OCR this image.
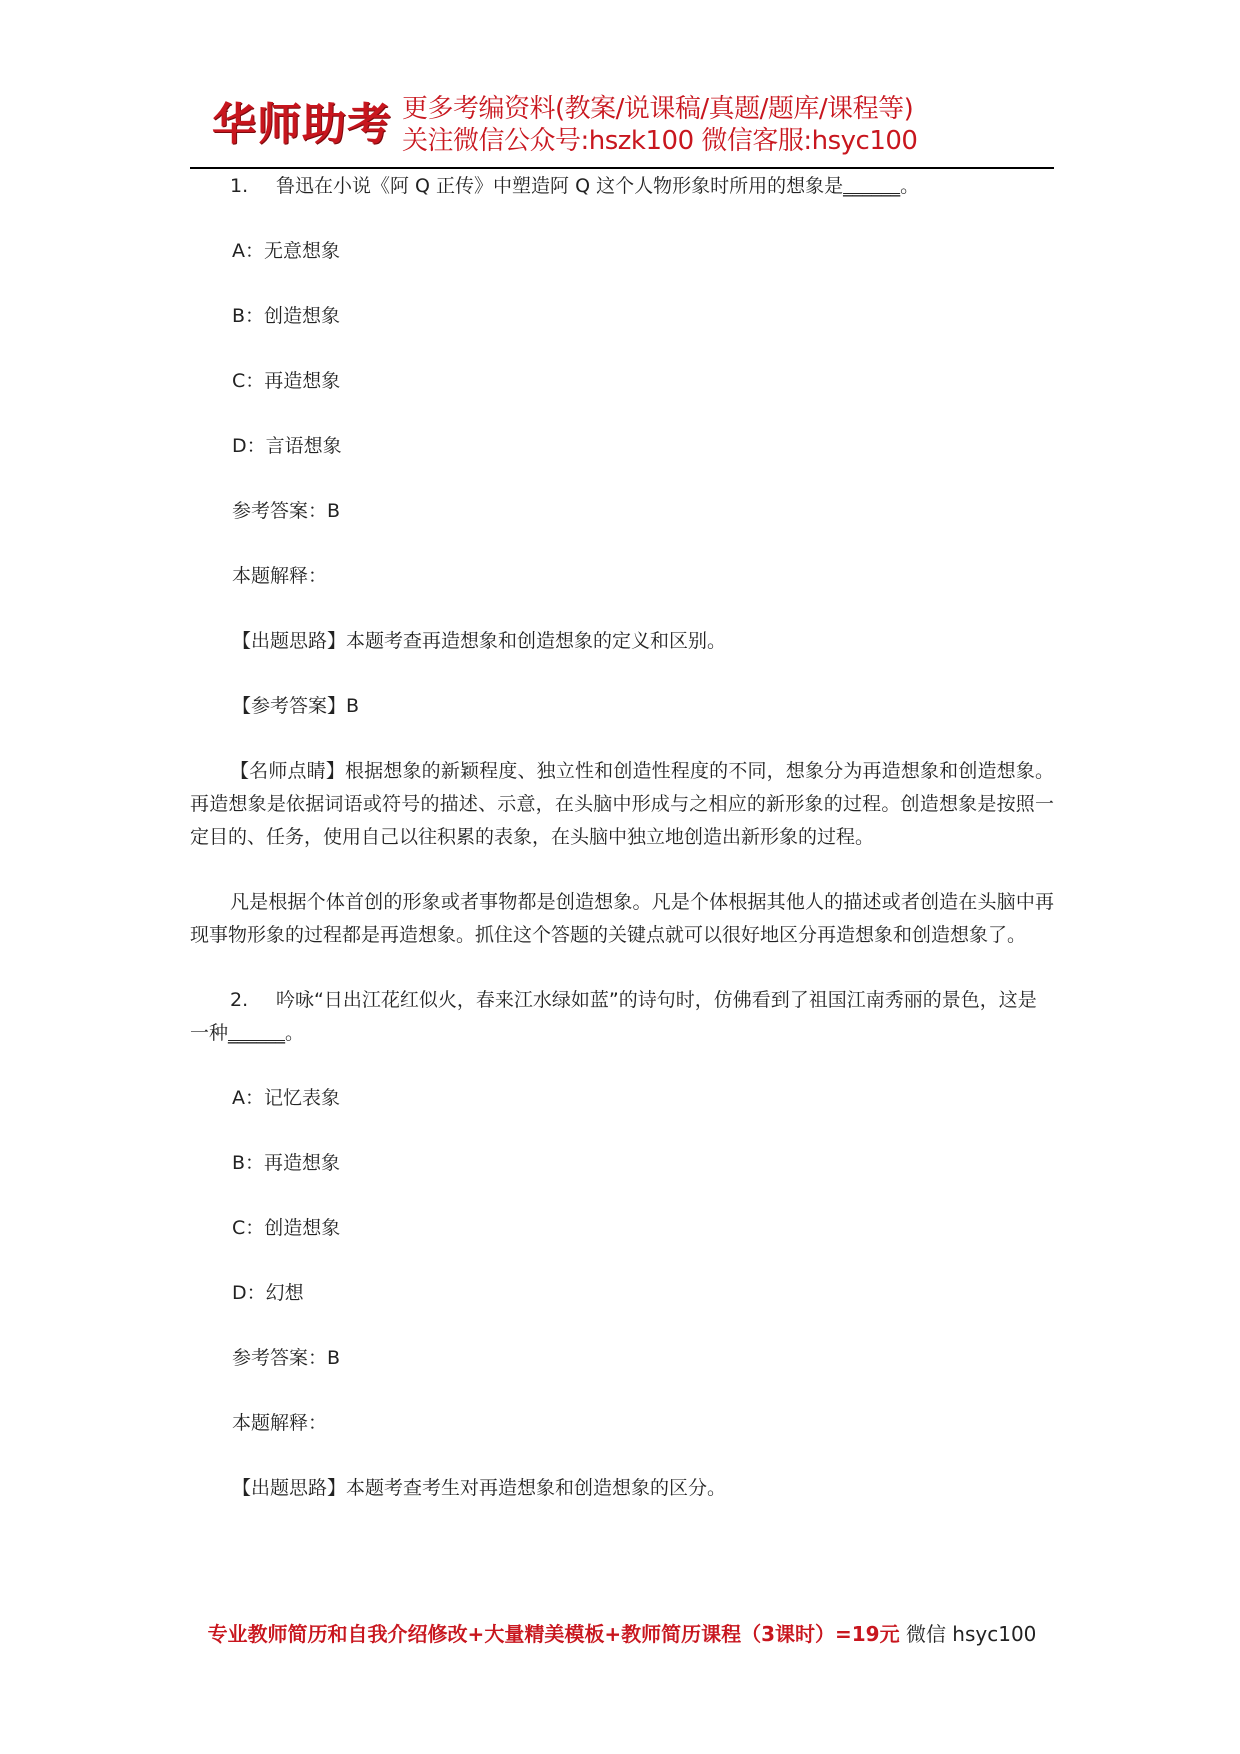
华师助考 更多考编资料(教案/说课稿/真题/题库/课程等)
关注微信公众号:hszk100 微信客服:hsyc100

1. 鲁迅在小说《阿 Q 正传》中塑造阿 Q 这个人物形象时所用的想象是______。

A：无意想象

B：创造想象

C：再造想象

D：言语想象

参考答案：B

本题解释：

【出题思路】本题考查再造想象和创造想象的定义和区别。

【参考答案】B

【名师点睛】根据想象的新颖程度、独立性和创造性程度的不同，想象分为再造想象和创造想象。再造想象是依据词语或符号的描述、示意，在头脑中形成与之相应的新形象的过程。创造想象是按照一定目的、任务，使用自己以往积累的表象，在头脑中独立地创造出新形象的过程。

凡是根据个体首创的形象或者事物都是创造想象。凡是个体根据其他人的描述或者创造在头脑中再现事物形象的过程都是再造想象。抓住这个答题的关键点就可以很好地区分再造想象和创造想象了。

2. 吟咏“日出江花红似火，春来江水绿如蓝”的诗句时，仿佛看到了祖国江南秀丽的景色，这是一种______。

A：记忆表象

B：再造想象

C：创造想象

D：幻想

参考答案：B

本题解释：

【出题思路】本题考查考生对再造想象和创造想象的区分。

专业教师简历和自我介绍修改+大量精美模板+教师简历课程（3课时）=19元 微信 hsyc100
